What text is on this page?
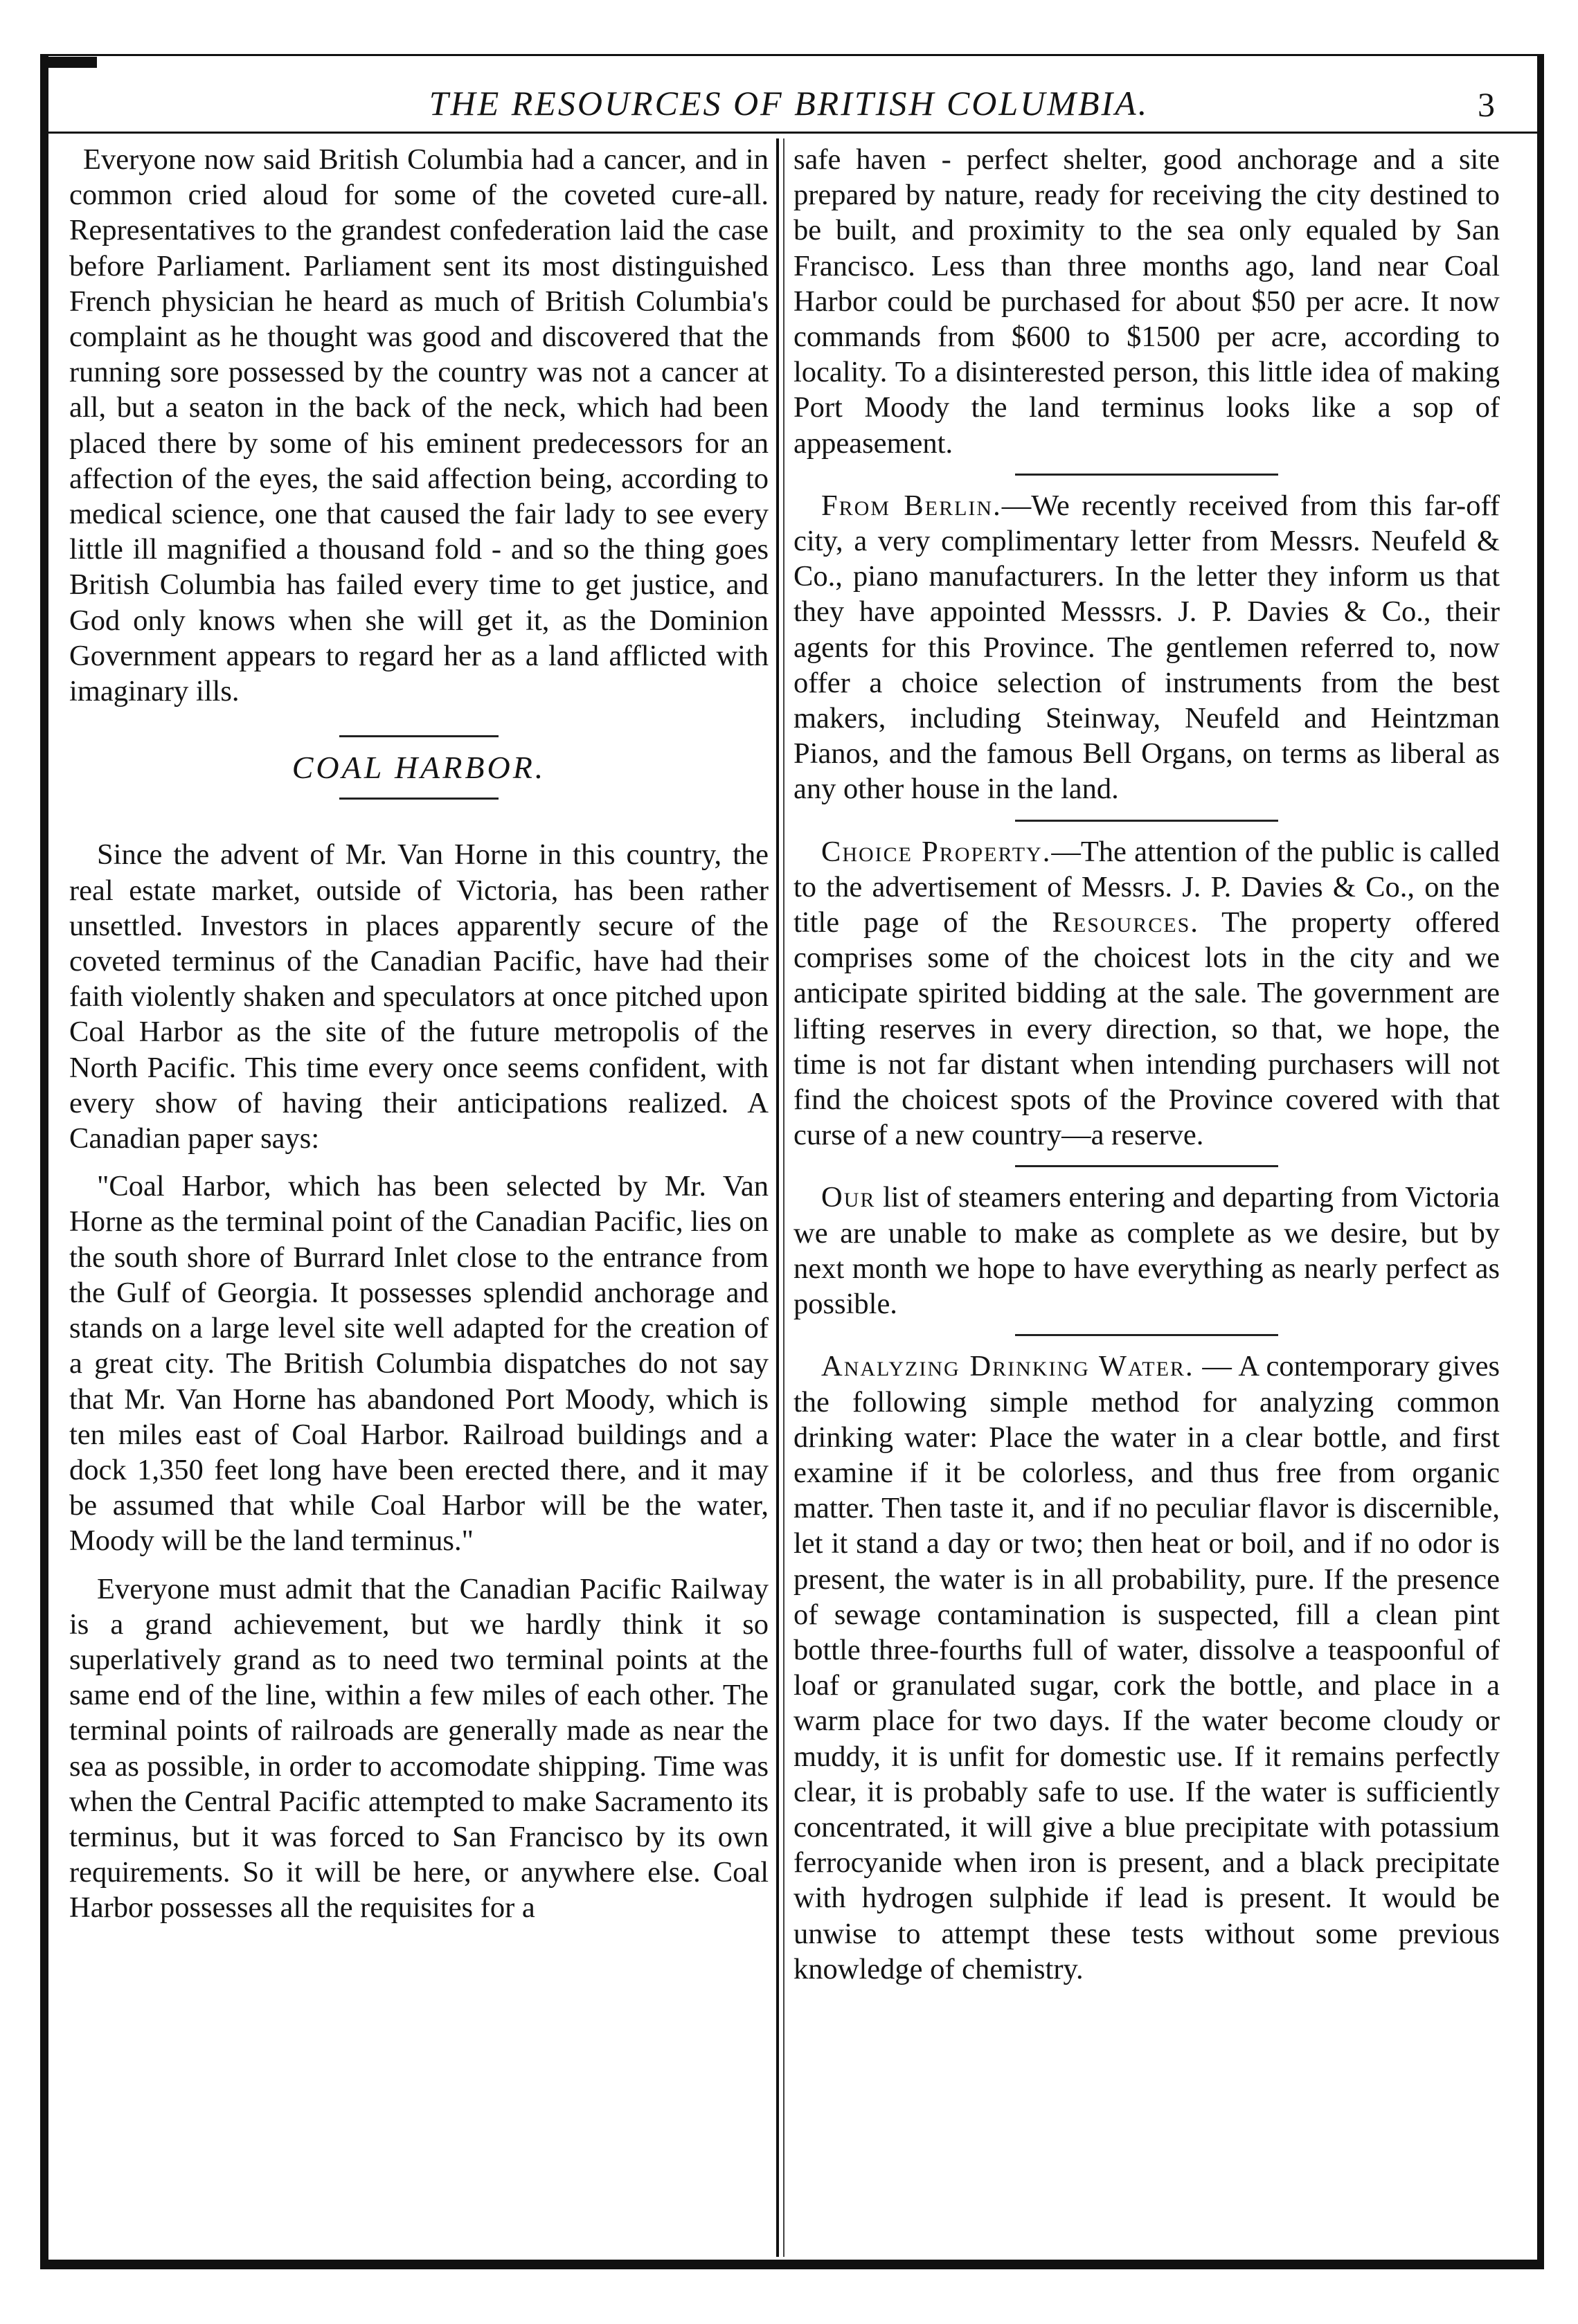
THE RESOURCES OF BRITISH COLUMBIA.	3

Everyone now said British Columbia had a cancer, and in common cried aloud for some of the coveted cure-all. Representatives to the grandest confederation laid the case before Parliament. Parliament sent its most distinguished French physician he heard as much of British Columbia's complaint as he thought was good and discovered that the running sore possessed by the country was not a cancer at all, but a seaton in the back of the neck, which had been placed there by some of his eminent predecessors for an affection of the eyes, the said affection being, according to medical science, one that caused the fair lady to see every little ill magnified a thousand fold - and so the thing goes British Columbia has failed every time to get justice, and God only knows when she will get it, as the Dominion Government appears to regard her as a land afflicted with imaginary ills.

COAL HARBOR.

Since the advent of Mr. Van Horne in this country, the real estate market, outside of Victoria, has been rather unsettled. Investors in places apparently secure of the coveted terminus of the Canadian Pacific, have had their faith violently shaken and speculators at once pitched upon Coal Harbor as the site of the future metropolis of the North Pacific. This time every once seems confident, with every show of having their anticipations realized. A Canadian paper says:

"Coal Harbor, which has been selected by Mr. Van Horne as the terminal point of the Canadian Pacific, lies on the south shore of Burrard Inlet close to the entrance from the Gulf of Georgia. It possesses splendid anchorage and stands on a large level site well adapted for the creation of a great city. The British Columbia dispatches do not say that Mr. Van Horne has abandoned Port Moody, which is ten miles east of Coal Harbor. Railroad buildings and a dock 1,350 feet long have been erected there, and it may be assumed that while Coal Harbor will be the water, Moody will be the land terminus."

Everyone must admit that the Canadian Pacific Railway is a grand achievement, but we hardly think it so superlatively grand as to need two terminal points at the same end of the line, within a few miles of each other. The terminal points of railroads are generally made as near the sea as possible, in order to accomodate shipping. Time was when the Central Pacific attempted to make Sacramento its terminus, but it was forced to San Francisco by its own requirements. So it will be here, or anywhere else. Coal Harbor possesses all the requisites for a

safe haven - perfect shelter, good anchorage and a site prepared by nature, ready for receiving the city destined to be built, and proximity to the sea only equaled by San Francisco. Less than three months ago, land near Coal Harbor could be purchased for about $50 per acre. It now commands from $600 to $1500 per acre, according to locality. To a disinterested person, this little idea of making Port Moody the land terminus looks like a sop of appeasement.

From Berlin.—We recently received from this far-off city, a very complimentary letter from Messrs. Neufeld & Co., piano manufacturers. In the letter they inform us that they have appointed Messsrs. J. P. Davies & Co., their agents for this Province. The gentlemen referred to, now offer a choice selection of instruments from the best makers, including Steinway, Neufeld and Heintzman Pianos, and the famous Bell Organs, on terms as liberal as any other house in the land.

Choice Property.—The attention of the public is called to the advertisement of Messrs. J. P. Davies & Co., on the title page of the Resources. The property offered comprises some of the choicest lots in the city and we anticipate spirited bidding at the sale. The government are lifting reserves in every direction, so that, we hope, the time is not far distant when intending purchasers will not find the choicest spots of the Province covered with that curse of a new country—a reserve.

Our list of steamers entering and departing from Victoria we are unable to make as complete as we desire, but by next month we hope to have everything as nearly perfect as possible.

Analyzing Drinking Water. — A contemporary gives the following simple method for analyzing common drinking water: Place the water in a clear bottle, and first examine if it be colorless, and thus free from organic matter. Then taste it, and if no peculiar flavor is discernible, let it stand a day or two; then heat or boil, and if no odor is present, the water is in all probability, pure. If the presence of sewage contamination is suspected, fill a clean pint bottle three-fourths full of water, dissolve a teaspoonful of loaf or granulated sugar, cork the bottle, and place in a warm place for two days. If the water become cloudy or muddy, it is unfit for domestic use. If it remains perfectly clear, it is probably safe to use. If the water is sufficiently concentrated, it will give a blue precipitate with potassium ferrocyanide when iron is present, and a black precipitate with hydrogen sulphide if lead is present. It would be unwise to attempt these tests without some previous knowledge of chemistry.
